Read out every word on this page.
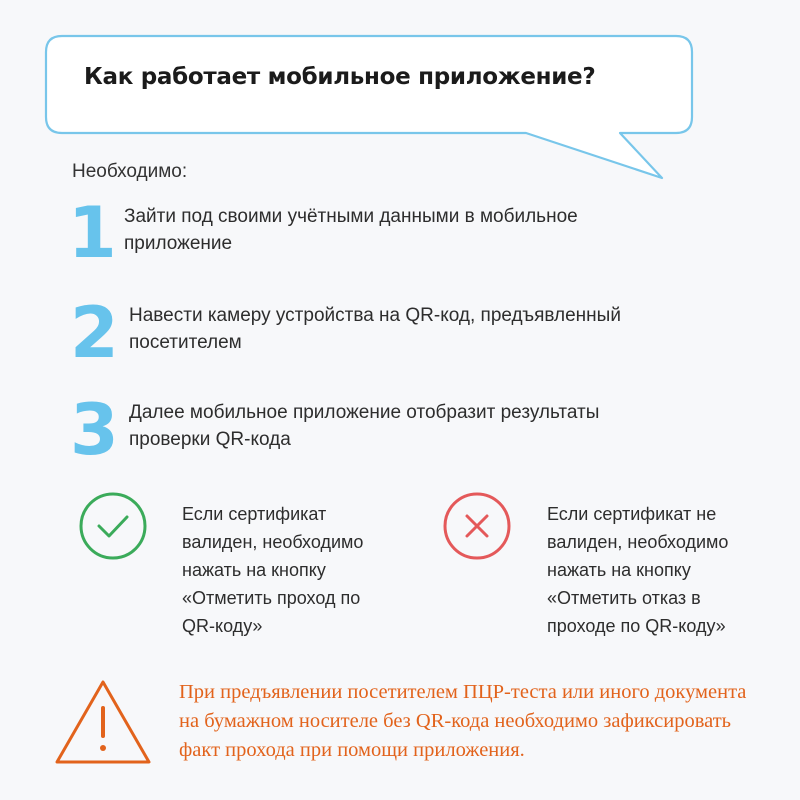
Как работает мобильное приложение?
Необходимо:
1 Зайти под своими учётными данными в мобильное приложение
2 Навести камеру устройства на QR-код, предъявленный посетителем
3 Далее мобильное приложение отобразит результаты проверки QR-кода
Если сертификат валиден, необходимо нажать на кнопку «Отметить проход по QR-коду»
Если сертификат не валиден, необходимо нажать на кнопку «Отметить отказ в проходе по QR-коду»
При предъявлении посетителем ПЦР-теста или иного документа на бумажном носителе без QR-кода необходимо зафиксировать факт прохода при помощи приложения.
